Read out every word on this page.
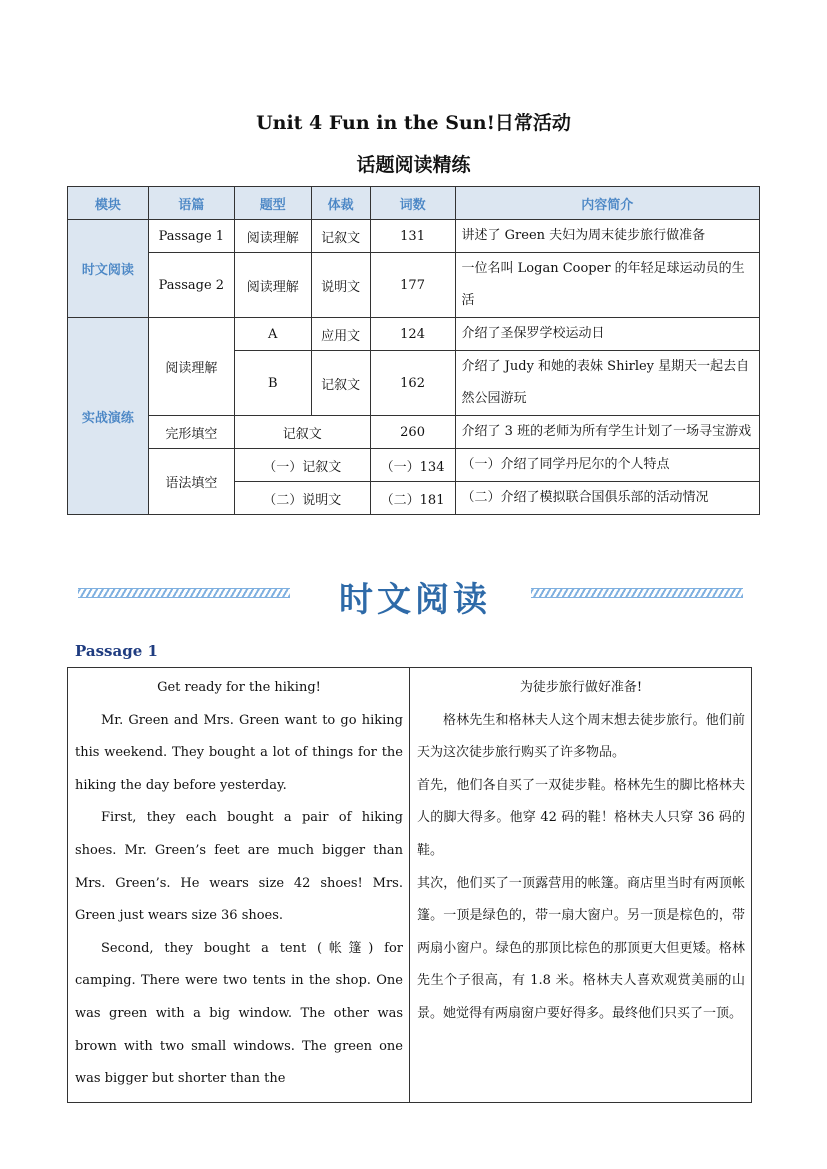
Unit 4 Fun in the Sun!日常活动
话题阅读精练
模块	语篇	题型	体裁	词数	内容简介
时文阅读	Passage 1	阅读理解	记叙文	131	讲述了 Green 夫妇为周末徒步旅行做准备
	Passage 2	阅读理解	说明文	177	一位名叫 Logan Cooper 的年轻足球运动员的生活
实战演练	阅读理解	A	应用文	124	介绍了圣保罗学校运动日
		B	记叙文	162	介绍了 Judy 和她的表妹 Shirley 星期天一起去自然公园游玩
	完形填空	记叙文		260	介绍了 3 班的老师为所有学生计划了一场寻宝游戏
	语法填空	（一）记叙文		（一）134	（一）介绍了同学丹尼尔的个人特点
		（二）说明文		（二）181	（二）介绍了模拟联合国俱乐部的活动情况
时文阅读
Passage 1

Get ready for the hiking!

Mr. Green and Mrs. Green want to go hiking this weekend. They bought a lot of things for the hiking the day before yesterday.

First, they each bought a pair of hiking shoes. Mr. Green’s feet are much bigger than Mrs. Green’s. He wears size 42 shoes! Mrs. Green just wears size 36 shoes.

Second, they bought a tent (帐篷) for camping. There were two tents in the shop. One was green with a big window. The other was brown with two small windows. The green one was bigger but shorter than the

为徒步旅行做好准备!

格林先生和格林夫人这个周末想去徒步旅行。他们前天为这次徒步旅行购买了许多物品。

首先，他们各自买了一双徒步鞋。格林先生的脚比格林夫人的脚大得多。他穿 42 码的鞋！格林夫人只穿 36 码的鞋。

其次，他们买了一顶露营用的帐篷。商店里当时有两顶帐篷。一顶是绿色的，带一扇大窗户。另一顶是棕色的，带两扇小窗户。绿色的那顶比棕色的那顶更大但更矮。格林先生个子很高，有 1.8 米。格林夫人喜欢观赏美丽的山景。她觉得有两扇窗户要好得多。最终他们只买了一顶。
